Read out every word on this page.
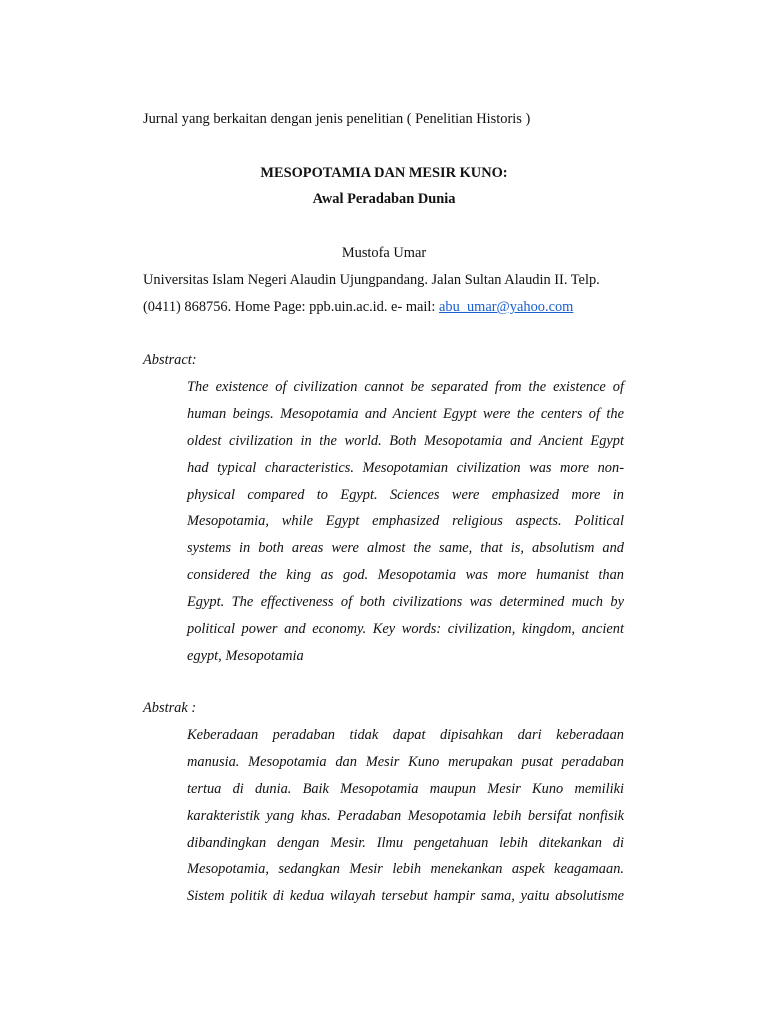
Jurnal yang berkaitan dengan jenis penelitian ( Penelitian Historis )
MESOPOTAMIA DAN MESIR KUNO:
Awal Peradaban Dunia
Mustofa Umar
Universitas Islam Negeri Alaudin Ujungpandang. Jalan Sultan Alaudin II. Telp.
(0411) 868756. Home Page: ppb.uin.ac.id. e- mail: abu_umar@yahoo.com
Abstract:
The existence of civilization cannot be separated from the existence of
human beings. Mesopotamia and Ancient Egypt were the centers of the
oldest civilization in the world. Both Mesopotamia and Ancient Egypt
had typical characteristics. Mesopotamian civilization was more non-
physical compared to Egypt. Sciences were emphasized more in
Mesopotamia, while Egypt emphasized religious aspects. Political
systems in both areas were almost the same, that is, absolutism and
considered the king as god. Mesopotamia was more humanist than
Egypt. The effectiveness of both civilizations was determined much by
political power and economy. Key words: civilization, kingdom, ancient
egypt, Mesopotamia
Abstrak :
Keberadaan peradaban tidak dapat dipisahkan dari keberadaan
manusia. Mesopotamia dan Mesir Kuno merupakan pusat peradaban
tertua di dunia. Baik Mesopotamia maupun Mesir Kuno memiliki
karakteristik yang khas. Peradaban Mesopotamia lebih bersifat nonfisik
dibandingkan dengan Mesir. Ilmu pengetahuan lebih ditekankan di
Mesopotamia, sedangkan Mesir lebih menekankan aspek keagamaan.
Sistem politik di kedua wilayah tersebut hampir sama, yaitu absolutisme
